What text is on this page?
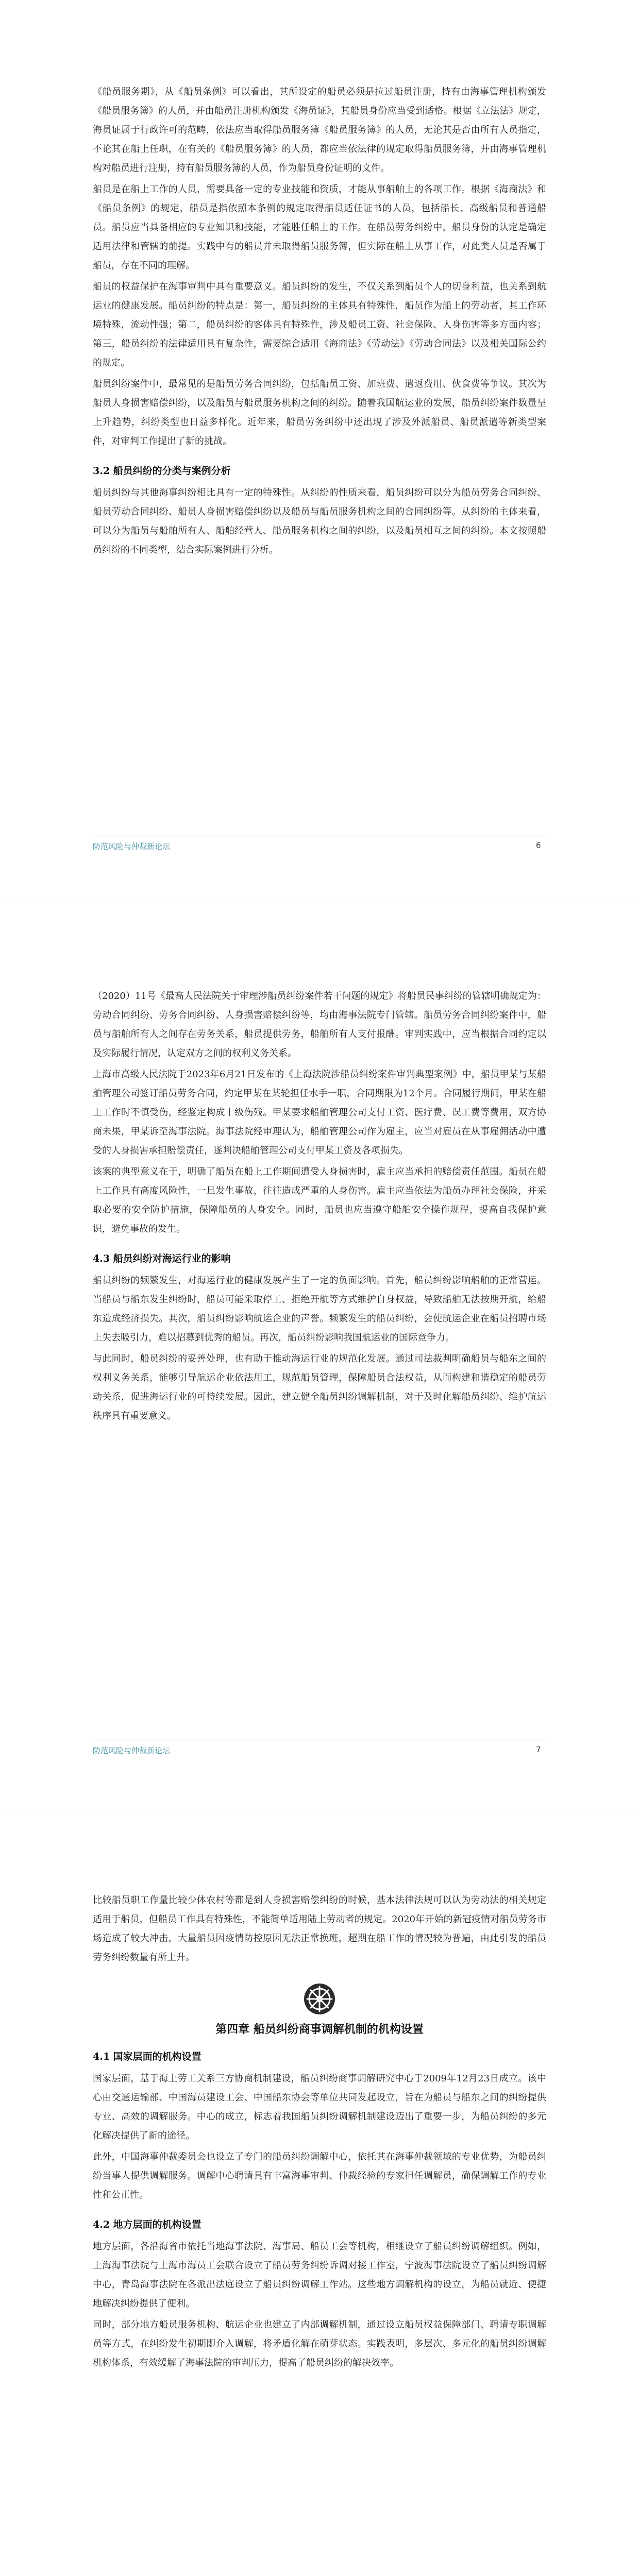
《船员服务期》，从《船员条例》可以看出，其所设定的船员必须是拉过船员注册，持有由海事管理机构颁发《船员服务簿》的人员，并由船员注册机构颁发《海员证》，其船员身份应当受到适格。根据《立法法》规定，海员证属于行政许可的范畴，依法应当取得船员服务簿《船员服务簿》的人员，无论其是否由所有人员指定，不论其在船上任职，在有关的《船员服务簿》的人员，都应当依法律的规定取得船员服务簿，并由海事管理机构对船员进行注册，持有船员服务簿的人员，作为船员身份证明的文件。

船员是在船上工作的人员，需要具备一定的专业技能和资质，才能从事船舶上的各项工作。根据《海商法》和《船员条例》的规定，船员是指依照本条例的规定取得船员适任证书的人员，包括船长、高级船员和普通船员。船员应当具备相应的专业知识和技能，才能胜任船上的工作。在船员劳务纠纷中，船员身份的认定是确定适用法律和管辖的前提。实践中有的船员并未取得船员服务簿，但实际在船上从事工作，对此类人员是否属于船员，存在不同的理解。

船员的权益保护在海事审判中具有重要意义。船员纠纷的发生，不仅关系到船员个人的切身利益，也关系到航运业的健康发展。船员纠纷的特点是：第一，船员纠纷的主体具有特殊性，船员作为船上的劳动者，其工作环境特殊，流动性强；第二，船员纠纷的客体具有特殊性，涉及船员工资、社会保险、人身伤害等多方面内容；第三，船员纠纷的法律适用具有复杂性，需要综合适用《海商法》《劳动法》《劳动合同法》以及相关国际公约的规定。

船员纠纷案件中，最常见的是船员劳务合同纠纷，包括船员工资、加班费、遣返费用、伙食费等争议。其次为船员人身损害赔偿纠纷，以及船员与船员服务机构之间的纠纷。随着我国航运业的发展，船员纠纷案件数量呈上升趋势，纠纷类型也日益多样化。近年来，船员劳务纠纷中还出现了涉及外派船员、船员派遣等新类型案件，对审判工作提出了新的挑战。

3.2 船员纠纷的分类与案例分析

船员纠纷与其他海事纠纷相比具有一定的特殊性。从纠纷的性质来看，船员纠纷可以分为船员劳务合同纠纷、船员劳动合同纠纷、船员人身损害赔偿纠纷以及船员与船员服务机构之间的合同纠纷等。从纠纷的主体来看，可以分为船员与船舶所有人、船舶经营人、船员服务机构之间的纠纷，以及船员相互之间的纠纷。本文按照船员纠纷的不同类型，结合实际案例进行分析。

防范风险与仲裁新论坛	6

（2020）11号《最高人民法院关于审理涉船员纠纷案件若干问题的规定》将船员民事纠纷的管辖明确规定为：劳动合同纠纷、劳务合同纠纷、人身损害赔偿纠纷等，均由海事法院专门管辖。船员劳务合同纠纷案件中，船员与船舶所有人之间存在劳务关系，船员提供劳务，船舶所有人支付报酬。审判实践中，应当根据合同约定以及实际履行情况，认定双方之间的权利义务关系。

上海市高级人民法院于2023年6月21日发布的《上海法院涉船员纠纷案件审判典型案例》中，船员甲某与某船舶管理公司签订船员劳务合同，约定甲某在某轮担任水手一职，合同期限为12个月。合同履行期间，甲某在船上工作时不慎受伤，经鉴定构成十级伤残。甲某要求船舶管理公司支付工资、医疗费、误工费等费用，双方协商未果，甲某诉至海事法院。海事法院经审理认为，船舶管理公司作为雇主，应当对雇员在从事雇佣活动中遭受的人身损害承担赔偿责任，遂判决船舶管理公司支付甲某工资及各项损失。

该案的典型意义在于，明确了船员在船上工作期间遭受人身损害时，雇主应当承担的赔偿责任范围。船员在船上工作具有高度风险性，一旦发生事故，往往造成严重的人身伤害。雇主应当依法为船员办理社会保险，并采取必要的安全防护措施，保障船员的人身安全。同时，船员也应当遵守船舶安全操作规程，提高自我保护意识，避免事故的发生。

4.3 船员纠纷对海运行业的影响

船员纠纷的频繁发生，对海运行业的健康发展产生了一定的负面影响。首先，船员纠纷影响船舶的正常营运。当船员与船东发生纠纷时，船员可能采取停工、拒绝开航等方式维护自身权益，导致船舶无法按期开航，给船东造成经济损失。其次，船员纠纷影响航运企业的声誉。频繁发生的船员纠纷，会使航运企业在船员招聘市场上失去吸引力，难以招募到优秀的船员。再次，船员纠纷影响我国航运业的国际竞争力。

与此同时，船员纠纷的妥善处理，也有助于推动海运行业的规范化发展。通过司法裁判明确船员与船东之间的权利义务关系，能够引导航运企业依法用工，规范船员管理，保障船员合法权益，从而构建和谐稳定的船员劳动关系，促进海运行业的可持续发展。因此，建立健全船员纠纷调解机制，对于及时化解船员纠纷、维护航运秩序具有重要意义。

防范风险与仲裁新论坛	7

比较船员职工作量比较少体农村等都是到人身损害赔偿纠纷的时候，基本法律法规可以认为劳动法的相关规定适用于船员，但船员工作具有特殊性，不能简单适用陆上劳动者的规定。2020年开始的新冠疫情对船员劳务市场造成了较大冲击，大量船员因疫情防控原因无法正常换班，超期在船工作的情况较为普遍，由此引发的船员劳务纠纷数量有所上升。

第四章 船员纠纷商事调解机制的机构设置
4.1 国家层面的机构设置

国家层面，基于海上劳工关系三方协商机制建设，船员纠纷商事调解研究中心于2009年12月23日成立。该中心由交通运输部、中国海员建设工会、中国船东协会等单位共同发起设立，旨在为船员与船东之间的纠纷提供专业、高效的调解服务。中心的成立，标志着我国船员纠纷调解机制建设迈出了重要一步，为船员纠纷的多元化解决提供了新的途径。

此外，中国海事仲裁委员会也设立了专门的船员纠纷调解中心，依托其在海事仲裁领域的专业优势，为船员纠纷当事人提供调解服务。调解中心聘请具有丰富海事审判、仲裁经验的专家担任调解员，确保调解工作的专业性和公正性。

4.2 地方层面的机构设置

地方层面，各沿海省市依托当地海事法院、海事局、船员工会等机构，相继设立了船员纠纷调解组织。例如，上海海事法院与上海市海员工会联合设立了船员劳务纠纷诉调对接工作室，宁波海事法院设立了船员纠纷调解中心，青岛海事法院在各派出法庭设立了船员纠纷调解工作站。这些地方调解机构的设立，为船员就近、便捷地解决纠纷提供了便利。

同时，部分地方船员服务机构、航运企业也建立了内部调解机制，通过设立船员权益保障部门、聘请专职调解员等方式，在纠纷发生初期即介入调解，将矛盾化解在萌芽状态。实践表明，多层次、多元化的船员纠纷调解机构体系，有效缓解了海事法院的审判压力，提高了船员纠纷的解决效率。
